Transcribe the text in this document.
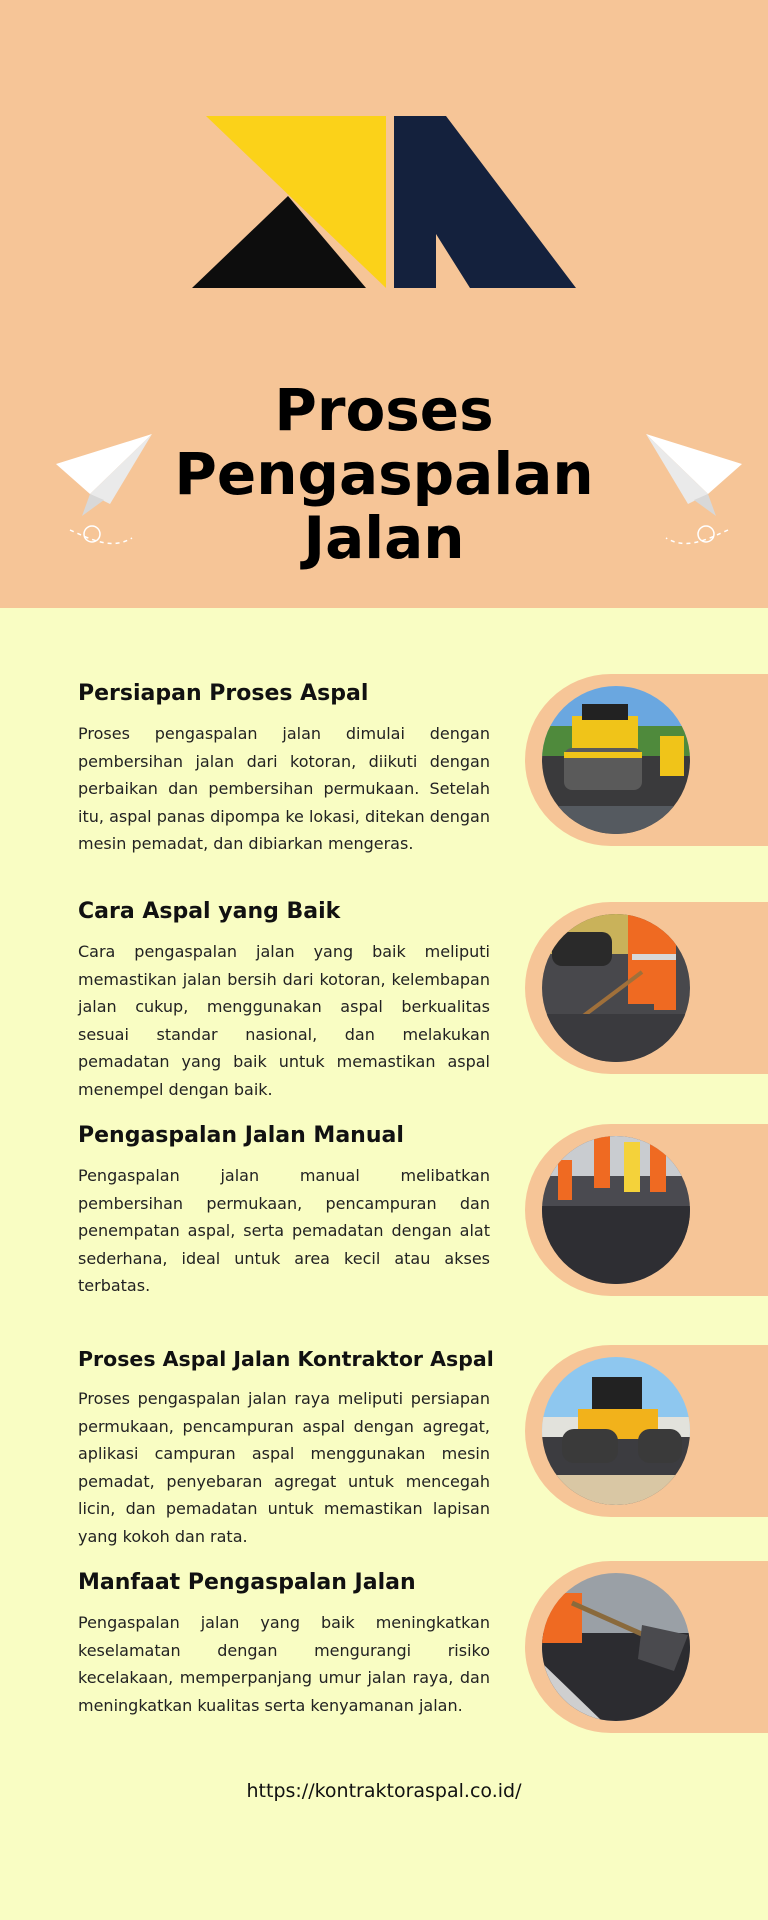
Proses
Pengaspalan
Jalan
Persiapan Proses Aspal

Proses pengaspalan jalan dimulai dengan pembersihan jalan dari kotoran, diikuti dengan perbaikan dan pembersihan permukaan. Setelah itu, aspal panas dipompa ke lokasi, ditekan dengan mesin pemadat, dan dibiarkan mengeras.

Cara Aspal yang Baik

Cara pengaspalan jalan yang baik meliputi memastikan jalan bersih dari kotoran, kelembapan jalan cukup, menggunakan aspal berkualitas sesuai standar nasional, dan melakukan pemadatan yang baik untuk memastikan aspal menempel dengan baik.

Pengaspalan Jalan Manual

Pengaspalan jalan manual melibatkan pembersihan permukaan, pencampuran dan penempatan aspal, serta pemadatan dengan alat sederhana, ideal untuk area kecil atau akses terbatas.

Proses Aspal Jalan Kontraktor Aspal

Proses pengaspalan jalan raya meliputi persiapan permukaan, pencampuran aspal dengan agregat, aplikasi campuran aspal menggunakan mesin pemadat, penyebaran agregat untuk mencegah licin, dan pemadatan untuk memastikan lapisan yang kokoh dan rata.

Manfaat Pengaspalan Jalan

Pengaspalan jalan yang baik meningkatkan keselamatan dengan mengurangi risiko kecelakaan, memperpanjang umur jalan raya, dan meningkatkan kualitas serta kenyamanan jalan.

https://kontraktoraspal.co.id/
